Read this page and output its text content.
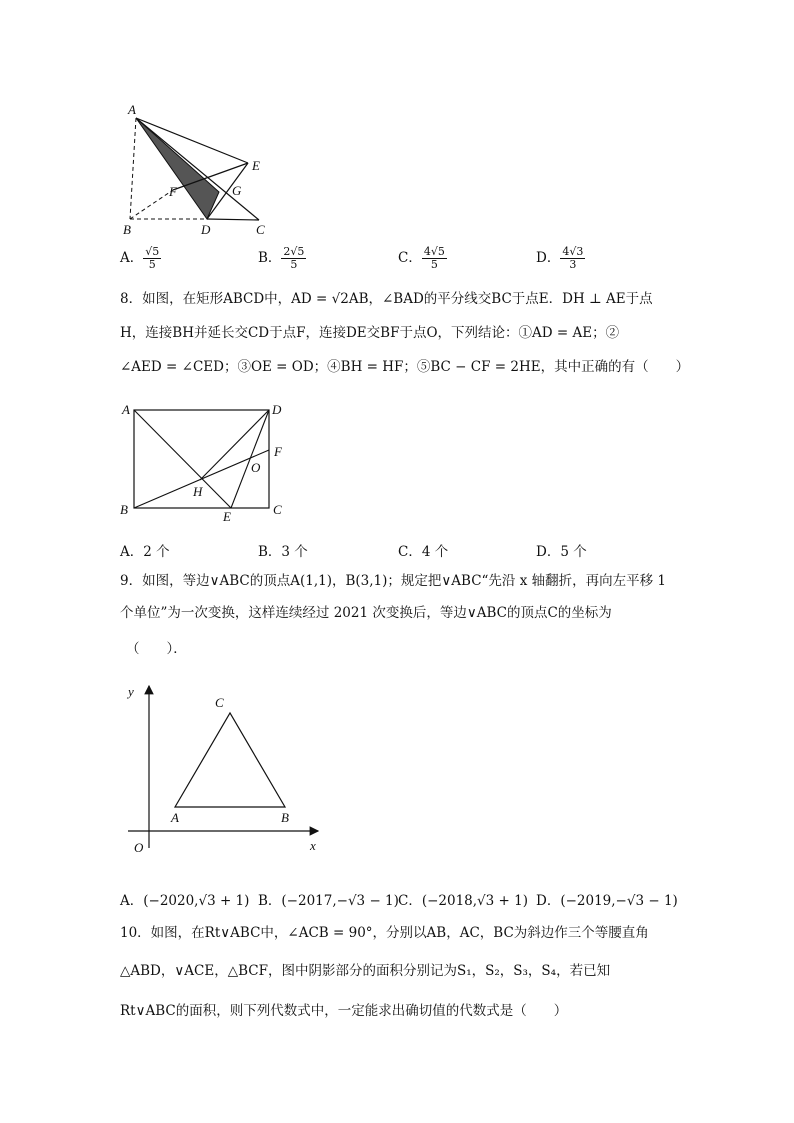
A
E
F	G
B	D	C
A． $\frac{√5}{5}$	B． $\frac{2√5}{5}$	C． $\frac{4√5}{5}$	D． $\frac{4√3}{3}$
8．如图，在矩形ABCD中，AD = √2AB，∠BAD的平分线交BC于点E．DH ⊥ AE于点
H，连接BH并延长交CD于点F，连接DE交BF于点O，下列结论：①AD = AE；②
∠AED = ∠CED；③OE = OD；④BH = HF；⑤BC − CF = 2HE，其中正确的有（　　）
A	D
F
O
H
B	E	C
A．2 个	B．3 个	C．4 个	D．5 个
9．如图，等边∨ABC的顶点A(1,1)，B(3,1)；规定把∨ABC“先沿 x 轴翻折，再向左平移 1
个单位”为一次变换，这样连续经过 2021 次变换后，等边∨ABC的顶点C的坐标为
（　　）．
y
x
O
A	B
C
A．(−2020,√3 + 1) B．(−2017,−√3 − 1) C．(−2018,√3 + 1) D．(−2019,−√3 − 1)
10．如图，在Rt∨ABC中，∠ACB = 90°，分别以AB，AC，BC为斜边作三个等腰直角
△ABD，∨ACE，△BCF，图中阴影部分的面积分别记为S₁，S₂，S₃，S₄，若已知
Rt∨ABC的面积，则下列代数式中，一定能求出确切值的代数式是（　　）
